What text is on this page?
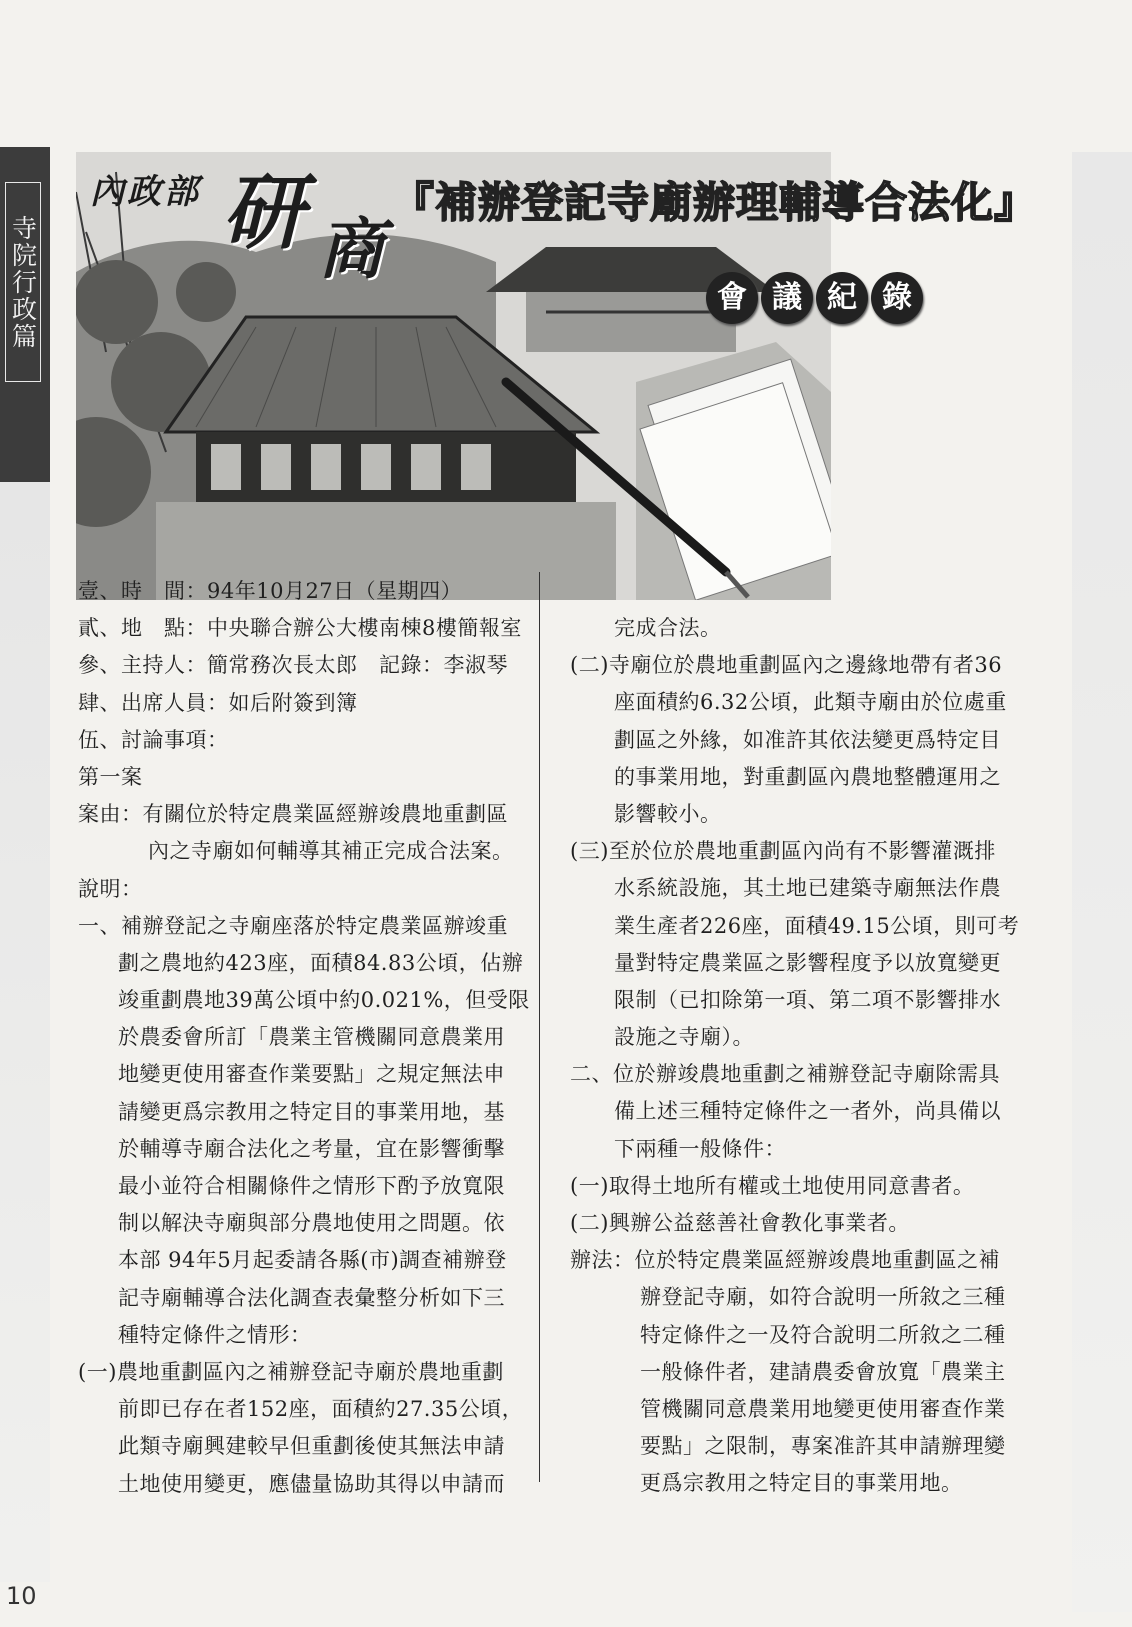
寺院行政篇
內政部 研 商
『補辦登記寺廟辦理輔導合法化』
會 議 紀 錄
壹、時　間：94年10月27日（星期四）
貳、地　點：中央聯合辦公大樓南棟8樓簡報室
參、主持人：簡常務次長太郎　記錄：李淑琴
肆、出席人員：如后附簽到簿
伍、討論事項：
第一案
案由：有關位於特定農業區經辦竣農地重劃區
內之寺廟如何輔導其補正完成合法案。
說明：
一、補辦登記之寺廟座落於特定農業區辦竣重
劃之農地約423座，面積84.83公頃，佔辦
竣重劃農地39萬公頃中約0.021%，但受限
於農委會所訂「農業主管機關同意農業用
地變更使用審查作業要點」之規定無法申
請變更爲宗教用之特定目的事業用地，基
於輔導寺廟合法化之考量，宜在影響衝擊
最小並符合相關條件之情形下酌予放寬限
制以解決寺廟與部分農地使用之問題。依
本部 94年5月起委請各縣(市)調查補辦登
記寺廟輔導合法化調查表彙整分析如下三
種特定條件之情形：
(一)農地重劃區內之補辦登記寺廟於農地重劃
前即已存在者152座，面積約27.35公頃，
此類寺廟興建較早但重劃後使其無法申請
土地使用變更，應儘量協助其得以申請而
完成合法。
(二)寺廟位於農地重劃區內之邊緣地帶有者36
座面積約6.32公頃，此類寺廟由於位處重
劃區之外緣，如准許其依法變更爲特定目
的事業用地，對重劃區內農地整體運用之
影響較小。
(三)至於位於農地重劃區內尚有不影響灌溉排
水系統設施，其土地已建築寺廟無法作農
業生產者226座，面積49.15公頃，則可考
量對特定農業區之影響程度予以放寬變更
限制（已扣除第一項、第二項不影響排水
設施之寺廟）。
二、位於辦竣農地重劃之補辦登記寺廟除需具
備上述三種特定條件之一者外，尚具備以
下兩種一般條件：
(一)取得土地所有權或土地使用同意書者。
(二)興辦公益慈善社會教化事業者。
辦法：位於特定農業區經辦竣農地重劃區之補
辦登記寺廟，如符合說明一所敘之三種
特定條件之一及符合說明二所敘之二種
一般條件者，建請農委會放寬「農業主
管機關同意農業用地變更使用審查作業
要點」之限制，專案准許其申請辦理變
更爲宗教用之特定目的事業用地。
10
